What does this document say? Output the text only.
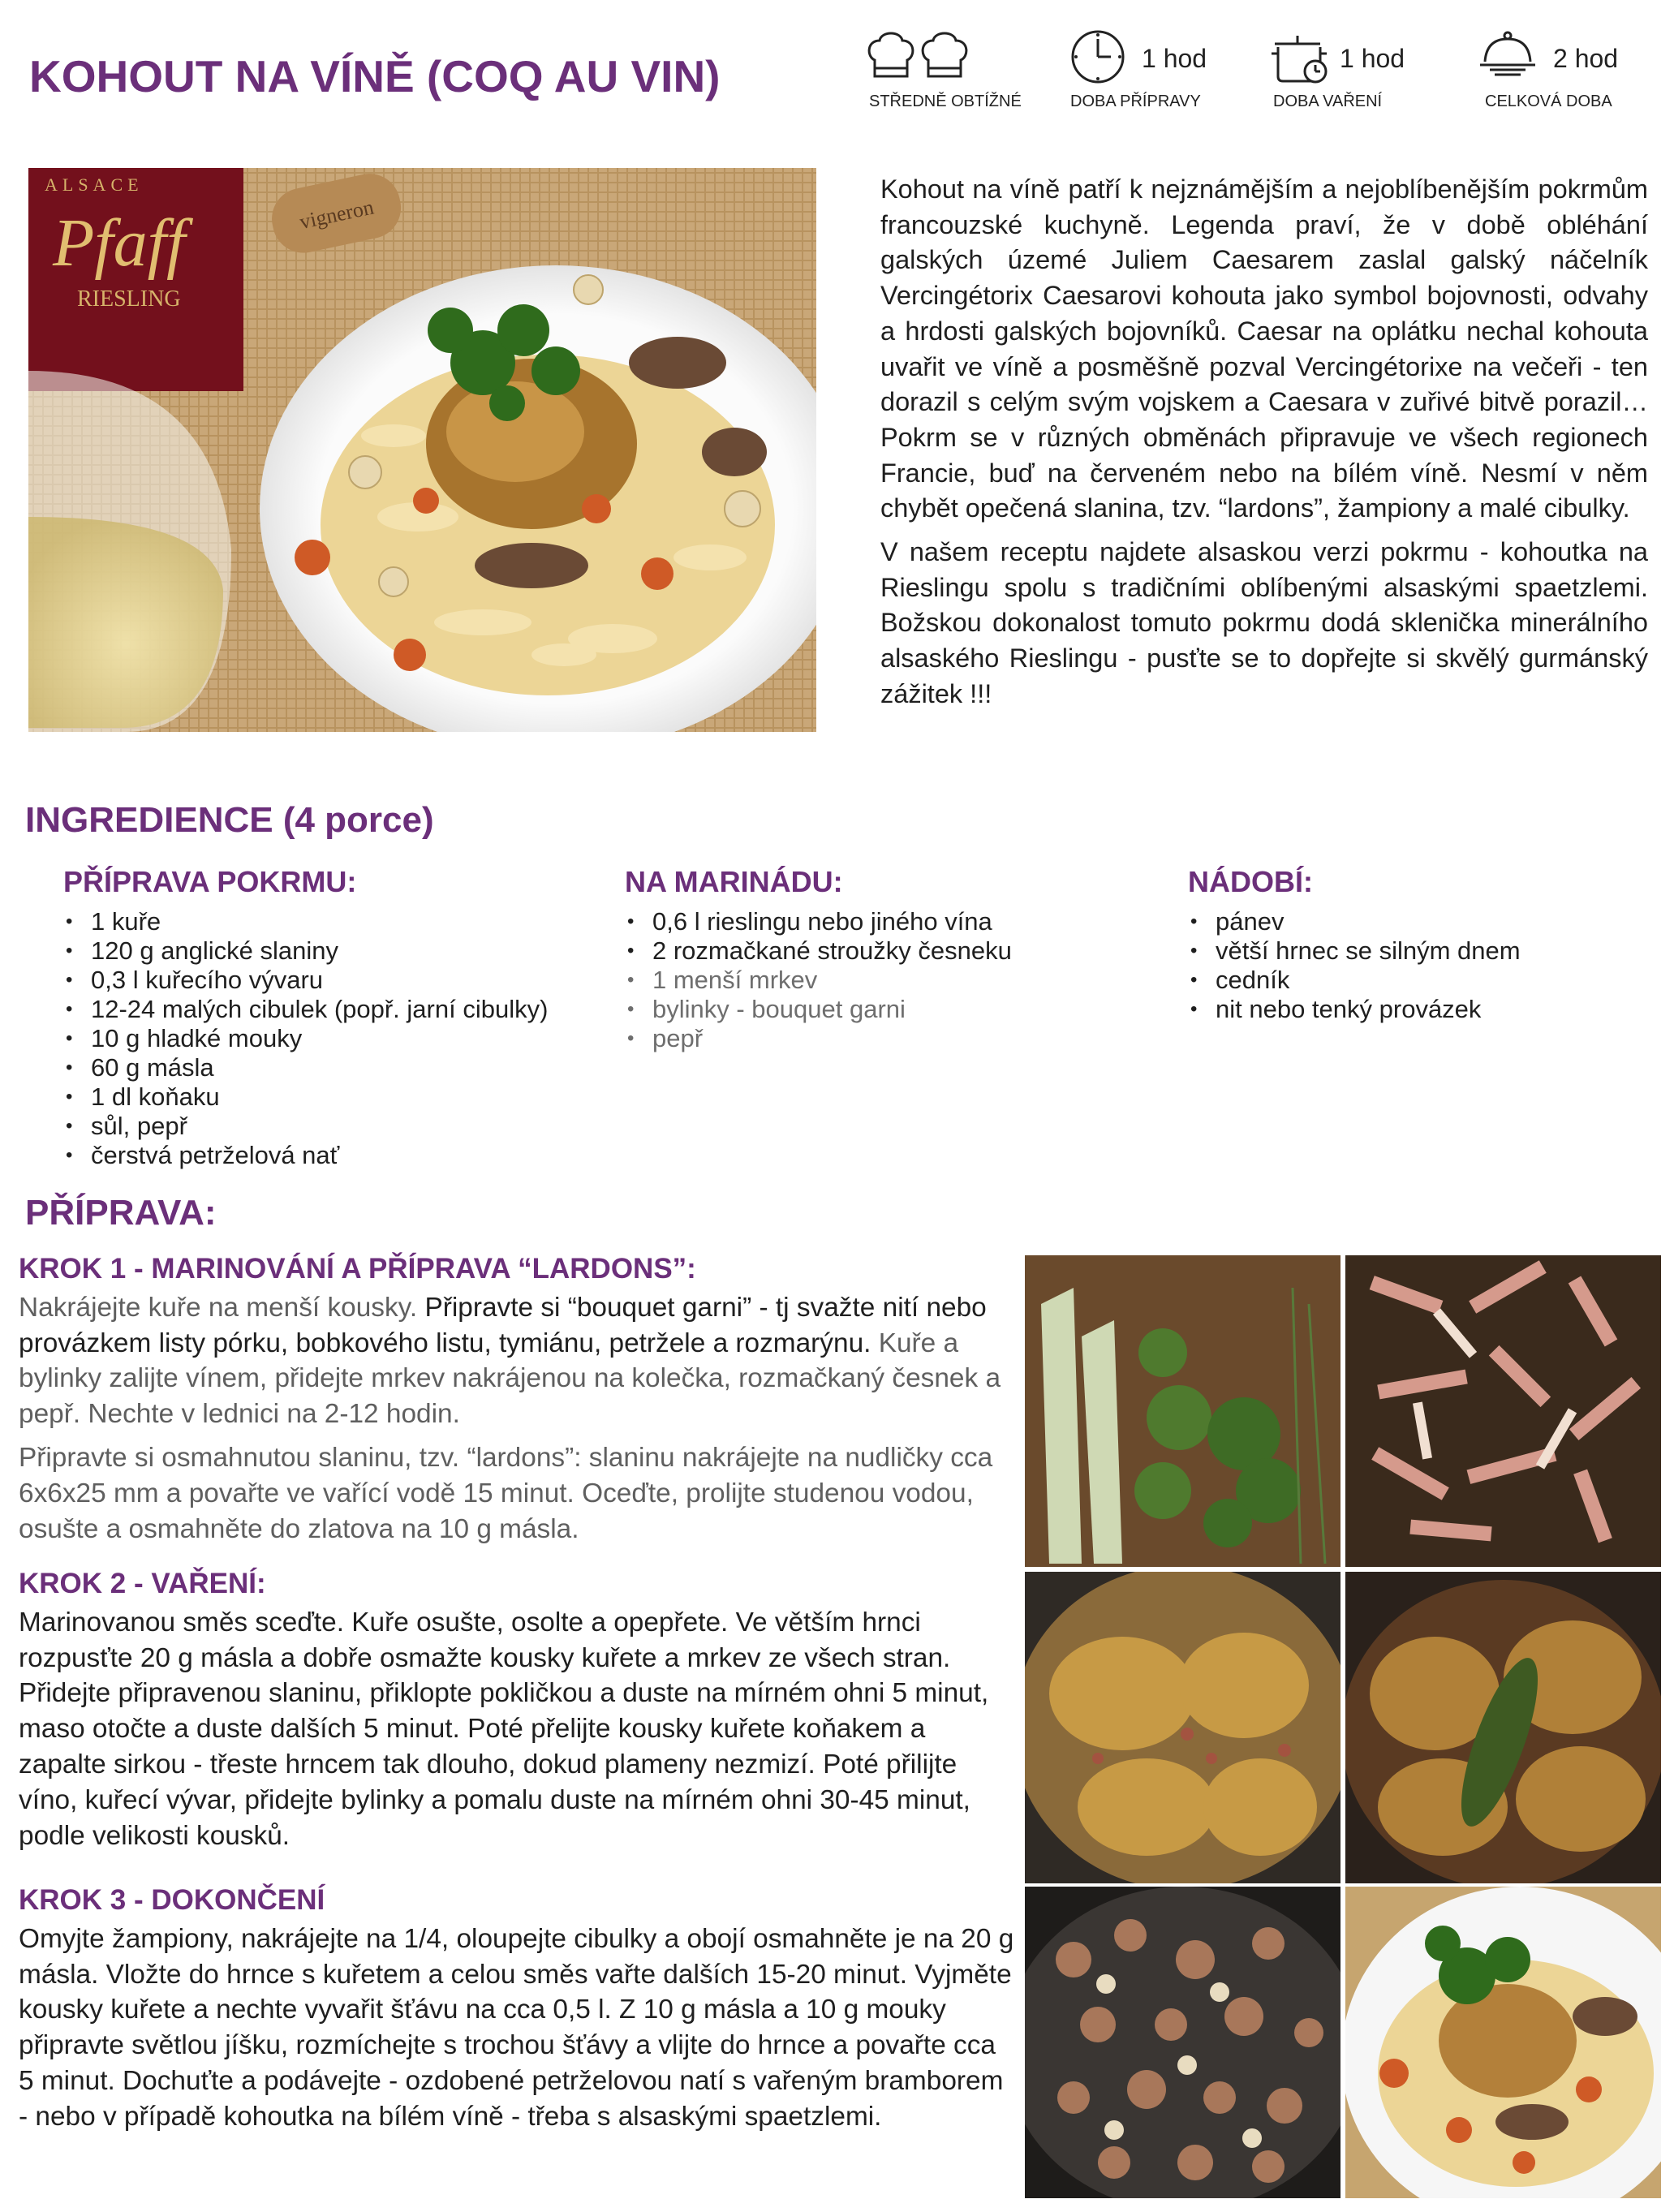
KOHOUT NA VÍNĚ (COQ AU VIN)	STŘEDNĚ OBTÍŽNÉ
1 hod
DOBA PŘÍPRAVY
1 hod
DOBA VAŘENÍ
2 hod
CELKOVÁ DOBA
vigneron
ALSACE
Pfaff
RIESLING

Kohout na víně patří k nejznámějším a nejoblíbenějším pokrmům francouzské kuchyně. Legenda praví, že v době obléhání galských územé Juliem Caesarem zaslal galský náčelník Vercingétorix Caesarovi kohouta jako symbol bojovnosti, odvahy a hrdosti galských bojovníků. Caesar na oplátku nechal kohouta uvařit ve víně a posměšně pozval Vercingétorixe na večeři - ten dorazil s celým svým vojskem a Caesara v zuřivé bitvě porazil… Pokrm se v různých obměnách připravuje ve všech regionech Francie, buď na červeném nebo na bílém víně. Nesmí v něm chybět opečená slanina, tzv. “lardons”, žampiony a malé cibulky.

V našem receptu najdete alsaskou verzi pokrmu - kohoutka na Rieslingu spolu s tradičními oblíbenými alsaskými spaetzlemi. Božskou dokonalost tomuto pokrmu dodá sklenička minerálního alsaského Rieslingu - pusťte se to dopřejte si skvělý gurmánský zážitek !!!

INGREDIENCE (4 porce)
PŘÍPRAVA POKRMU:
• 1 kuře
• 120 g anglické slaniny
• 0,3 l kuřecího vývaru
• 12-24 malých cibulek (popř. jarní cibulky)
• 10 g hladké mouky
• 60 g másla
• 1 dl koňaku
• sůl, pepř
• čerstvá petrželová nať
NA MARINÁDU:
• 0,6 l rieslingu nebo jiného vína
• 2 rozmačkané stroužky česneku
• 1 menší mrkev
• bylinky - bouquet garni
• pepř
NÁDOBÍ:
• pánev
• větší hrnec se silným dnem
• cedník
• nit nebo tenký provázek
PŘÍPRAVA:
KROK 1 - MARINOVÁNÍ A PŘÍPRAVA “LARDONS”:

Nakrájejte kuře na menší kousky. Připravte si “bouquet garni” - tj svažte nití nebo provázkem listy pórku, bobkového listu, tymiánu, petržele a rozmarýnu. Kuře a bylinky zalijte vínem, přidejte mrkev nakrájenou na kolečka, rozmačkaný česnek a pepř. Nechte v lednici na 2-12 hodin.

Připravte si osmahnutou slaninu, tzv. “lardons”: slaninu nakrájejte na nudličky cca 6x6x25 mm a povařte ve vařící vodě 15 minut. Oceďte, prolijte studenou vodou, osušte a osmahněte do zlatova na 10 g másla.

KROK 2 - VAŘENÍ:

Marinovanou směs sceďte. Kuře osušte, osolte a opepřete. Ve větším hrnci rozpusťte 20 g másla a dobře osmažte kousky kuřete a mrkev ze všech stran. Přidejte připravenou slaninu, přiklopte pokličkou a duste na mírném ohni 5 minut, maso otočte a duste dalších 5 minut. Poté přelijte kousky kuřete koňakem a zapalte sirkou - třeste hrncem tak dlouho, dokud plameny nezmizí. Poté přilijte víno, kuřecí vývar, přidejte bylinky a pomalu duste na mírném ohni 30-45 minut, podle velikosti kousků.

KROK 3 - DOKONČENÍ

Omyjte žampiony, nakrájejte na 1/4, oloupejte cibulky a obojí osmahněte je na 20 g másla. Vložte do hrnce s kuřetem a celou směs vařte dalších 15-20 minut. Vyjměte kousky kuřete a nechte vyvařit šťávu na cca 0,5 l. Z 10 g másla a 10 g mouky připravte světlou jíšku, rozmíchejte s trochou šťávy a vlijte do hrnce a povařte cca 5 minut. Dochuťte a podávejte - ozdobené petrželovou natí s vařeným bramborem - nebo v případě kohoutka na bílém víně - třeba s alsaskými spaetzlemi.
